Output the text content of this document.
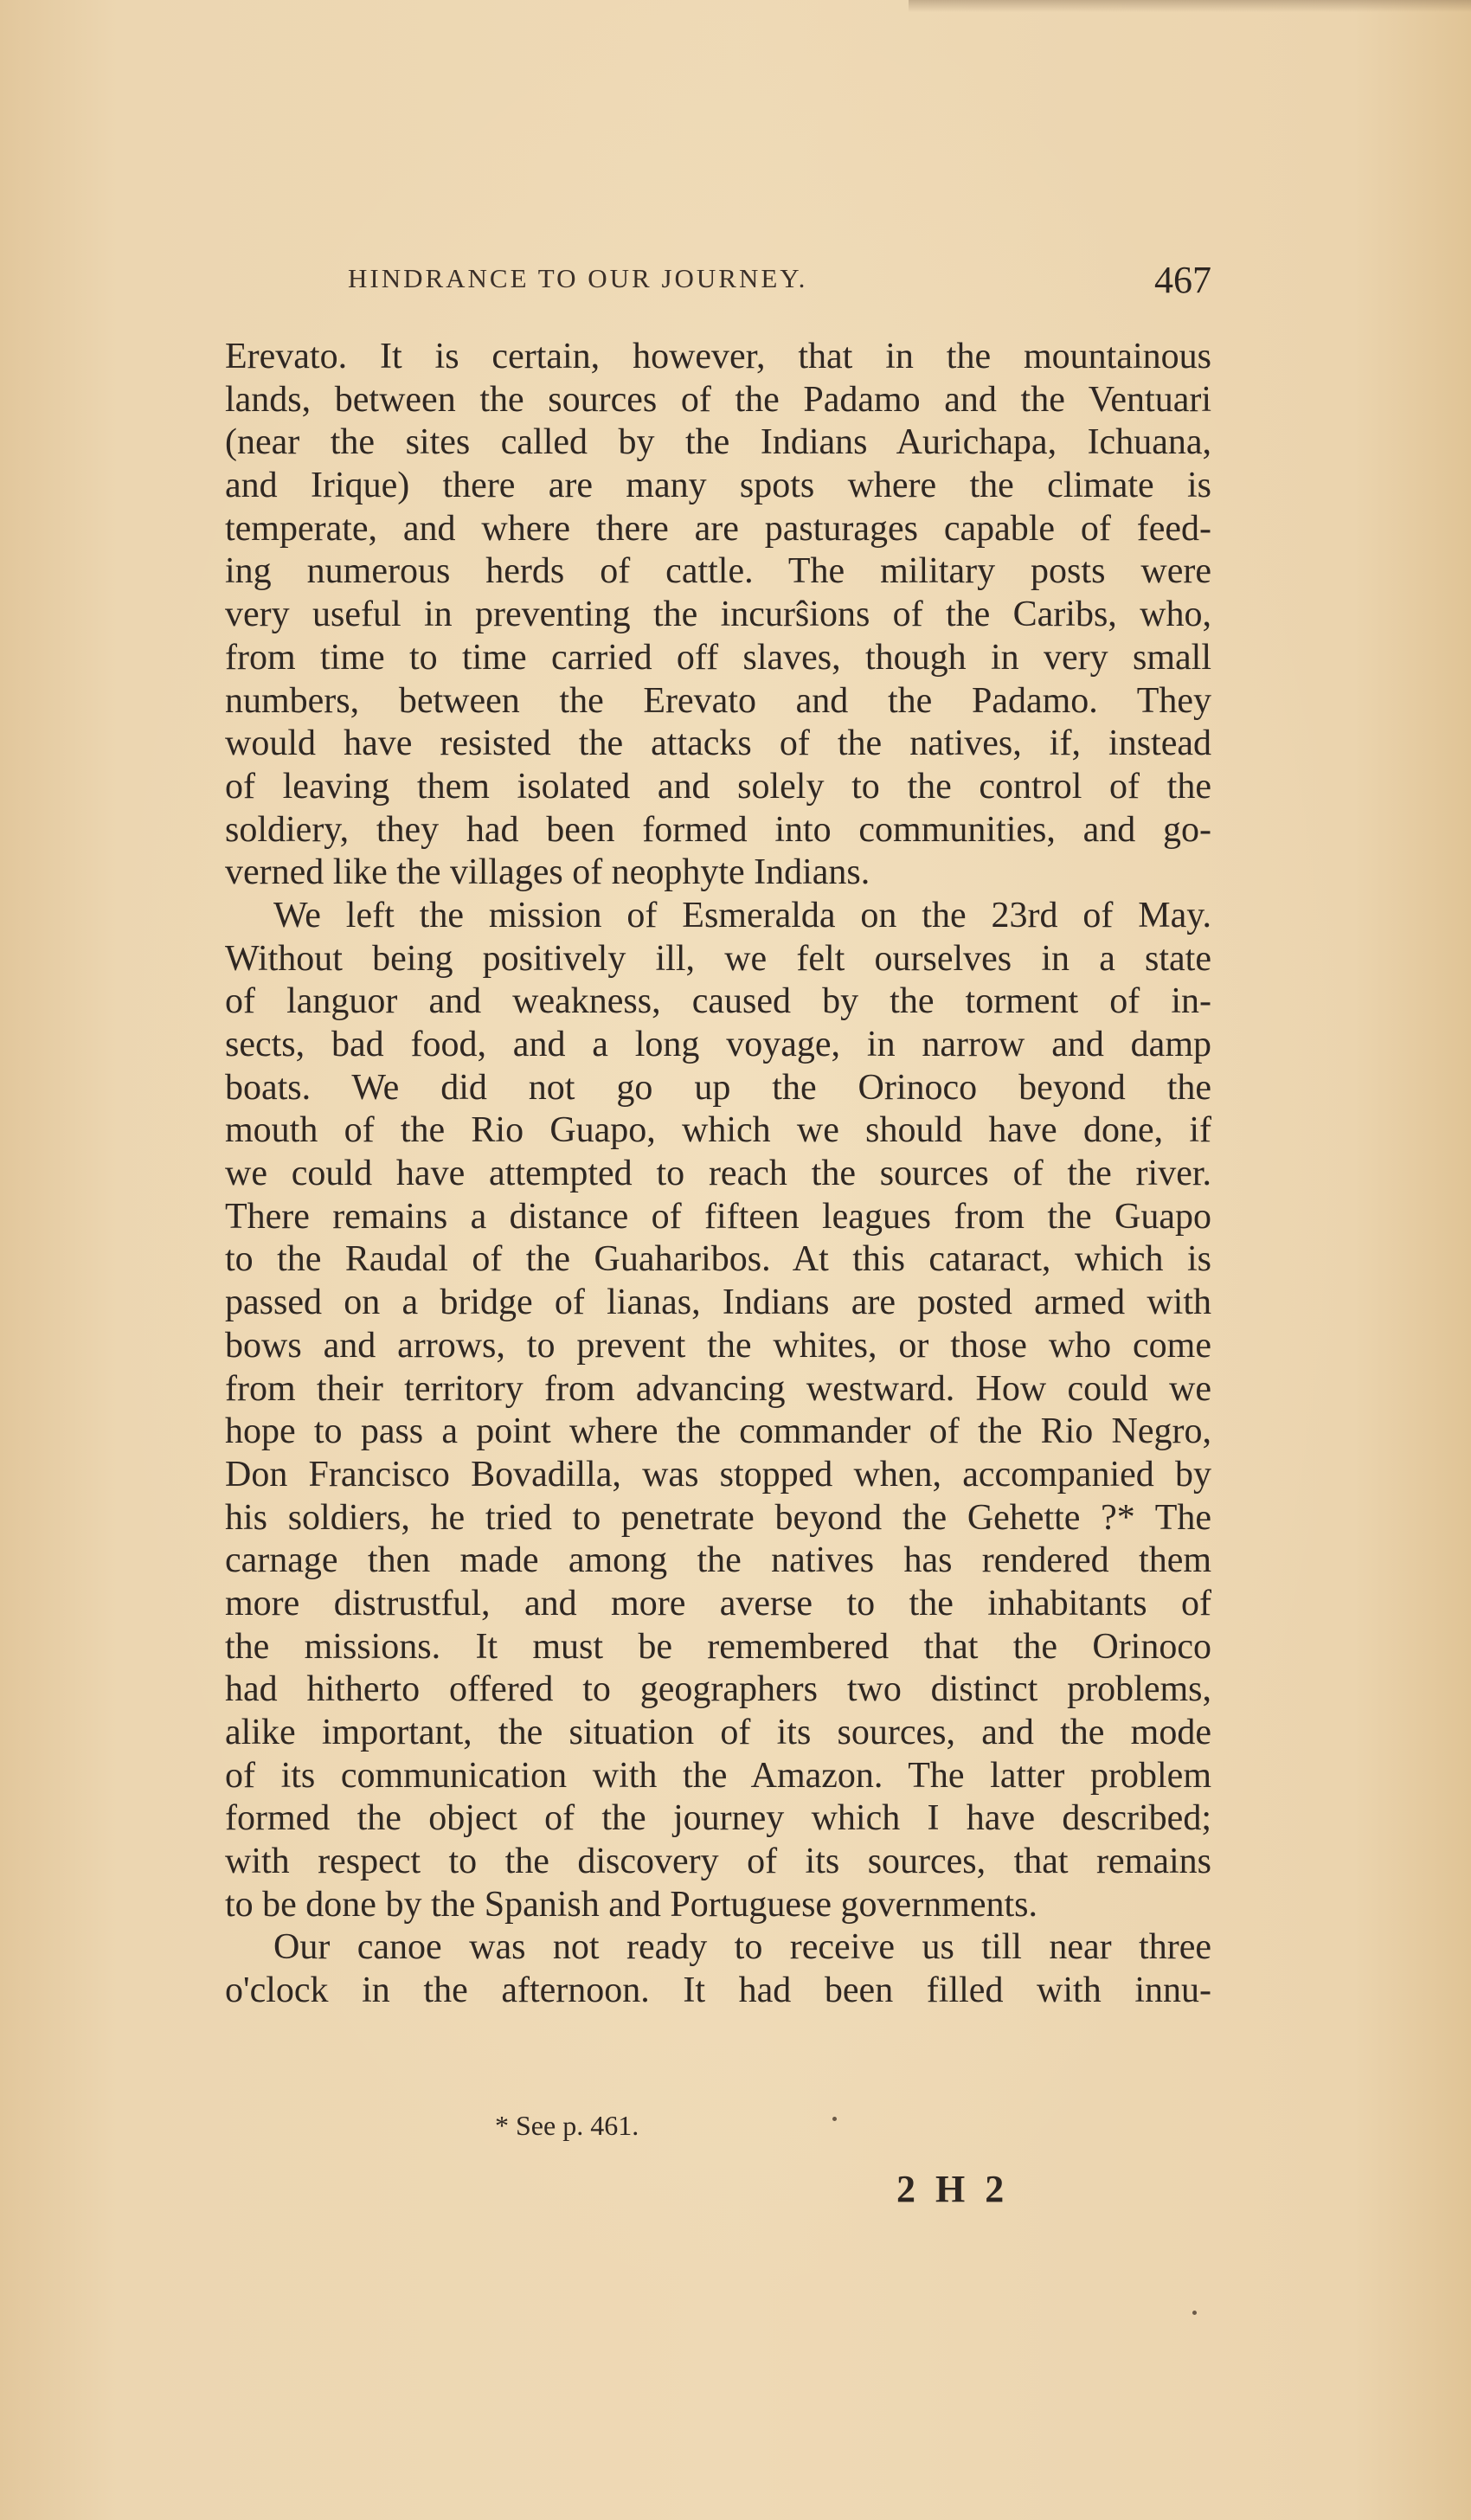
HINDRANCE TO OUR JOURNEY.	467
Erevato. It is certain, however, that in the mountainous
lands, between the sources of the Padamo and the Ventuari
(near the sites called by the Indians Aurichapa, Ichuana,
and Irique) there are many spots where the climate is
temperate, and where there are pasturages capable of feed-
ing numerous herds of cattle. The military posts were
very useful in preventing the incurŝions of the Caribs, who,
from time to time carried off slaves, though in very small
numbers, between the Erevato and the Padamo. They
would have resisted the attacks of the natives, if, instead
of leaving them isolated and solely to the control of the
soldiery, they had been formed into communities, and go-
verned like the villages of neophyte Indians.
We left the mission of Esmeralda on the 23rd of May.
Without being positively ill, we felt ourselves in a state
of languor and weakness, caused by the torment of in-
sects, bad food, and a long voyage, in narrow and damp
boats. We did not go up the Orinoco beyond the
mouth of the Rio Guapo, which we should have done, if
we could have attempted to reach the sources of the river.
There remains a distance of fifteen leagues from the Guapo
to the Raudal of the Guaharibos. At this cataract, which is
passed on a bridge of lianas, Indians are posted armed with
bows and arrows, to prevent the whites, or those who come
from their territory from advancing westward. How could we
hope to pass a point where the commander of the Rio Negro,
Don Francisco Bovadilla, was stopped when, accompanied by
his soldiers, he tried to penetrate beyond the Gehette ?* The
carnage then made among the natives has rendered them
more distrustful, and more averse to the inhabitants of
the missions. It must be remembered that the Orinoco
had hitherto offered to geographers two distinct problems,
alike important, the situation of its sources, and the mode
of its communication with the Amazon. The latter problem
formed the object of the journey which I have described;
with respect to the discovery of its sources, that remains
to be done by the Spanish and Portuguese governments.
Our canoe was not ready to receive us till near three
o'clock in the afternoon. It had been filled with innu-
* See p. 461.
2 H 2
